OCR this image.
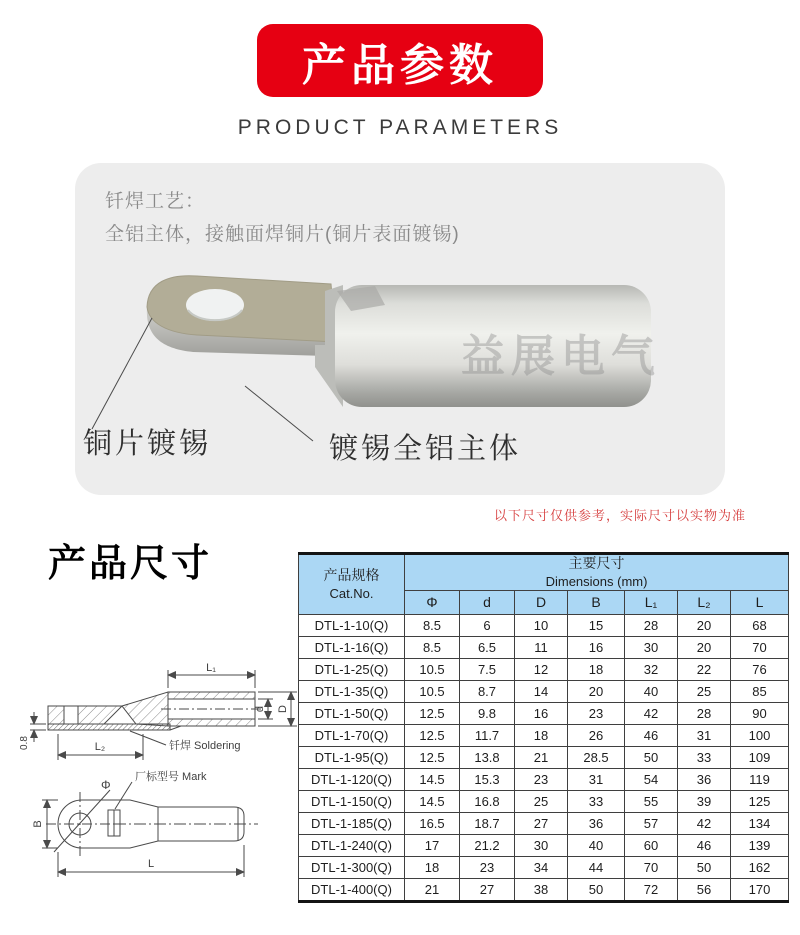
产品参数
PRODUCT PARAMETERS
钎焊工艺：
全铝主体，接触面焊铜片(铜片表面镀锡)
益展电气
铜片镀锡	镀锡全铝主体
以下尺寸仅供参考，实际尺寸以实物为准
产品尺寸
L₁
d D
L₂
0.8	钎焊 Soldering
厂标型号 Mark
Φ
B
L
产品规格
Cat.No.	主要尺寸
Dimensions (mm)						
	Φ	d	D	B	L₁	L₂	L
DTL-1-10(Q)	8.5	6	10	15	28	20	68
DTL-1-16(Q)	8.5	6.5	11	16	30	20	70
DTL-1-25(Q)	10.5	7.5	12	18	32	22	76
DTL-1-35(Q)	10.5	8.7	14	20	40	25	85
DTL-1-50(Q)	12.5	9.8	16	23	42	28	90
DTL-1-70(Q)	12.5	11.7	18	26	46	31	100
DTL-1-95(Q)	12.5	13.8	21	28.5	50	33	109
DTL-1-120(Q)	14.5	15.3	23	31	54	36	119
DTL-1-150(Q)	14.5	16.8	25	33	55	39	125
DTL-1-185(Q)	16.5	18.7	27	36	57	42	134
DTL-1-240(Q)	17	21.2	30	40	60	46	139
DTL-1-300(Q)	18	23	34	44	70	50	162
DTL-1-400(Q)	21	27	38	50	72	56	170
